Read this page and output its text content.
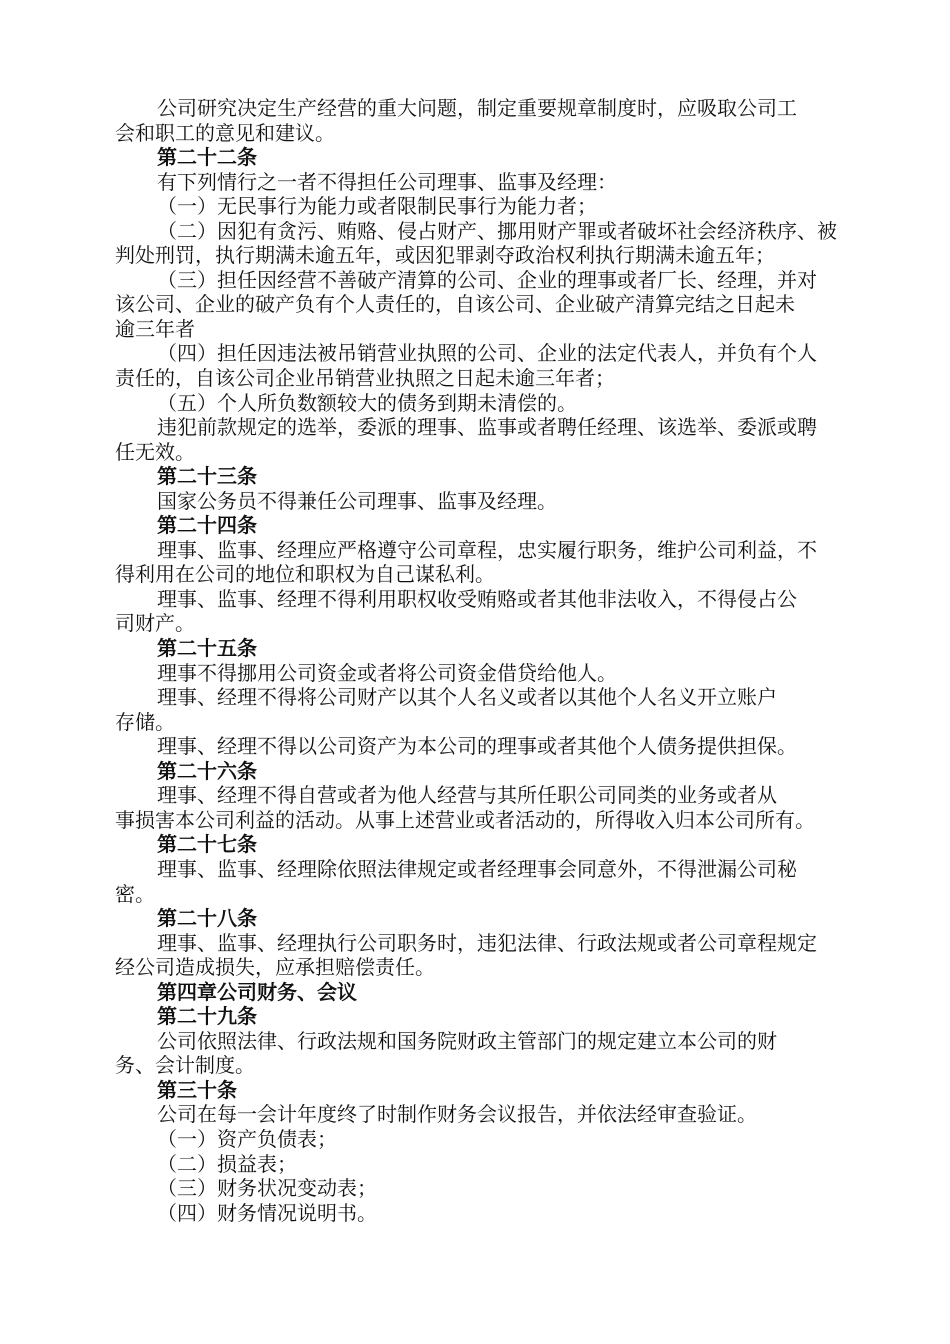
公司研究决定生产经营的重大问题，制定重要规章制度时，应吸取公司工
会和职工的意见和建议。
第二十二条
有下列情行之一者不得担任公司理事、监事及经理：
（一）无民事行为能力或者限制民事行为能力者；
（二）因犯有贪污、贿赂、侵占财产、挪用财产罪或者破坏社会经济秩序、被
判处刑罚，执行期满未逾五年，或因犯罪剥夺政治权利执行期满未逾五年；
（三）担任因经营不善破产清算的公司、企业的理事或者厂长、经理，并对
该公司、企业的破产负有个人责任的，自该公司、企业破产清算完结之日起未
逾三年者
（四）担任因违法被吊销营业执照的公司、企业的法定代表人，并负有个人
责任的，自该公司企业吊销营业执照之日起未逾三年者；
（五）个人所负数额较大的债务到期未清偿的。
违犯前款规定的选举，委派的理事、监事或者聘任经理、该选举、委派或聘
任无效。
第二十三条
国家公务员不得兼任公司理事、监事及经理。
第二十四条
理事、监事、经理应严格遵守公司章程，忠实履行职务，维护公司利益，不
得利用在公司的地位和职权为自己谋私利。
理事、监事、经理不得利用职权收受贿赂或者其他非法收入，不得侵占公
司财产。
第二十五条
理事不得挪用公司资金或者将公司资金借贷给他人。
理事、经理不得将公司财产以其个人名义或者以其他个人名义开立账户
存储。
理事、经理不得以公司资产为本公司的理事或者其他个人债务提供担保。
第二十六条
理事、经理不得自营或者为他人经营与其所任职公司同类的业务或者从
事损害本公司利益的活动。从事上述营业或者活动的，所得收入归本公司所有。
第二十七条
理事、监事、经理除依照法律规定或者经理事会同意外，不得泄漏公司秘
密。
第二十八条
理事、监事、经理执行公司职务时，违犯法律、行政法规或者公司章程规定
经公司造成损失，应承担赔偿责任。
第四章公司财务、会议
第二十九条
公司依照法律、行政法规和国务院财政主管部门的规定建立本公司的财
务、会计制度。
第三十条
公司在每一会计年度终了时制作财务会议报告，并依法经审查验证。
（一）资产负债表；
（二）损益表；
（三）财务状况变动表；
（四）财务情况说明书。
